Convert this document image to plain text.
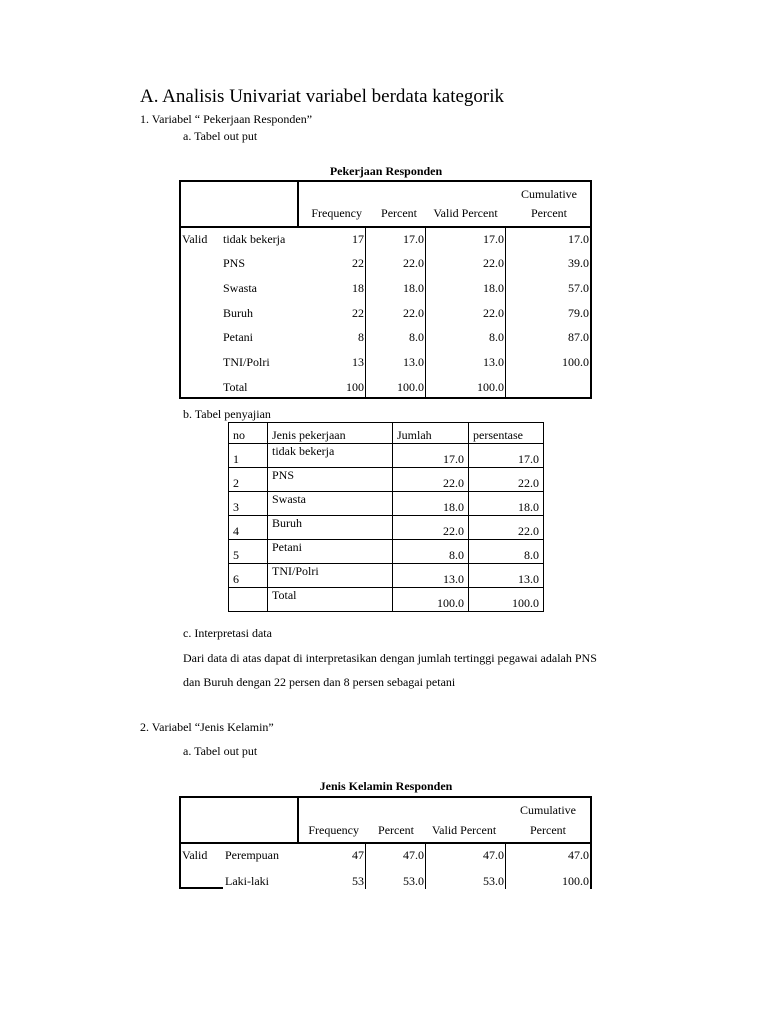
A. Analisis Univariat variabel berdata kategorik
1. Variabel “ Pekerjaan Responden”
a. Tabel out put
Pekerjaan Responden
Frequency	Percent	Valid Percent
Cumulative
Percent
Valid tidak bekerja	17	17.0	17.0	17.0
PNS	22	22.0	22.0	39.0
Swasta	18	18.0	18.0	57.0
Buruh	22	22.0	22.0	79.0
Petani	8	8.0	8.0	87.0
TNI/Polri	13	13.0	13.0	100.0
Total	100	100.0	100.0
b. Tabel penyajian
no	Jenis pekerjaan	Jumlah	persentase
1	tidak bekerja	17.0	17.0
2	PNS	22.0	22.0
3	Swasta	18.0	18.0
4	Buruh	22.0	22.0
5	Petani	8.0	8.0
6	TNI/Polri	13.0	13.0
	Total	100.0	100.0
c. Interpretasi data
Dari data di atas dapat di interpretasikan dengan jumlah tertinggi pegawai adalah PNS
dan Buruh dengan 22 persen dan 8 persen sebagai petani
2. Variabel “Jenis Kelamin”
a. Tabel out put
Jenis Kelamin Responden
Frequency	Percent	Valid Percent
Cumulative
Percent
Valid Perempuan	47	47.0	47.0	47.0
Laki-laki	53	53.0	53.0	100.0
